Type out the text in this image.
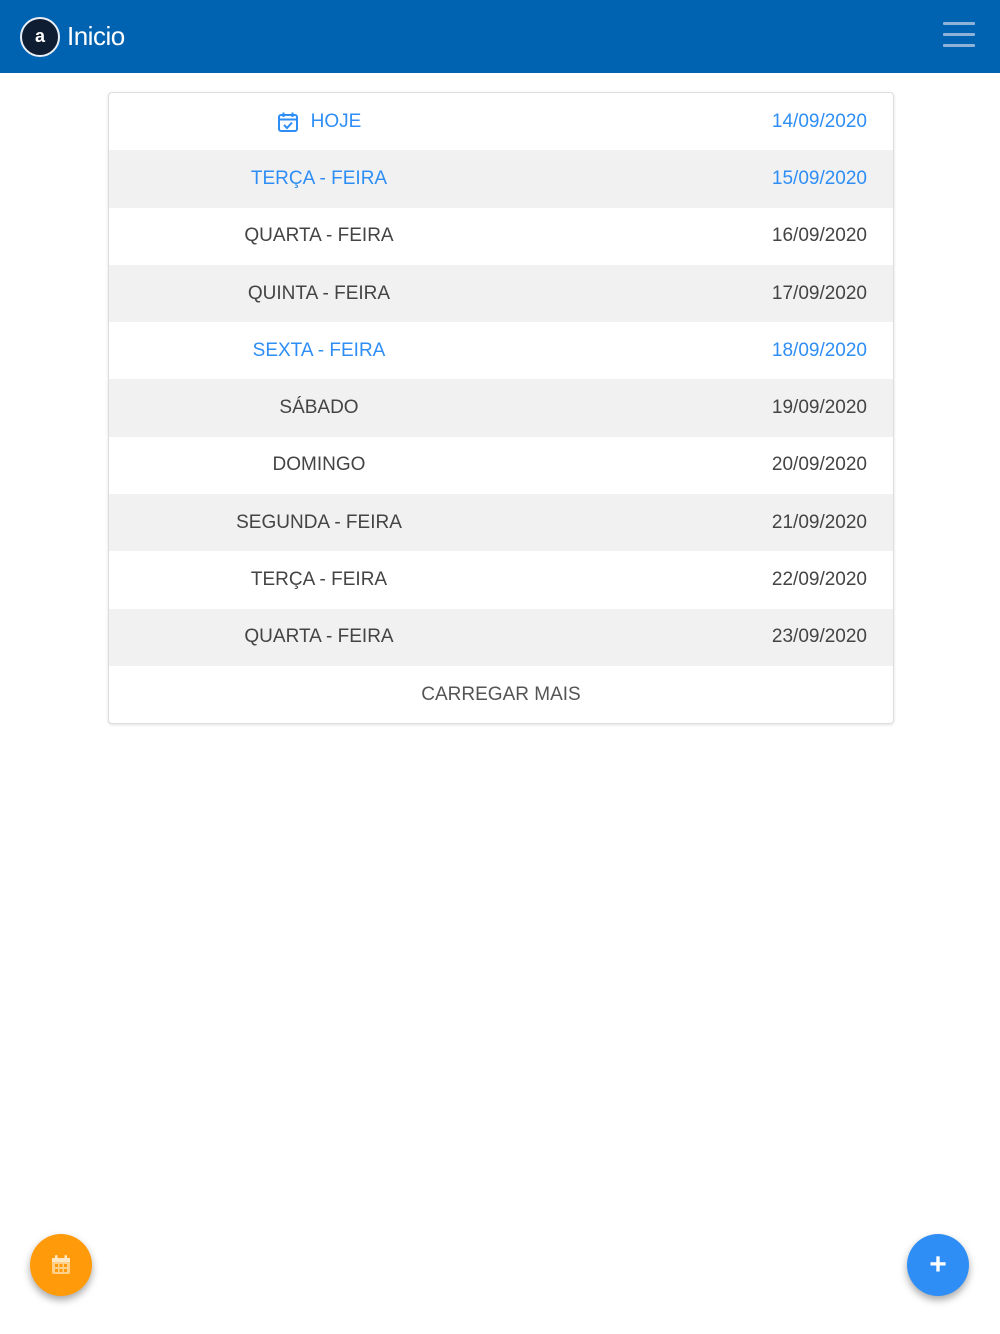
a Inicio
HOJE	14/09/2020
TERÇA - FEIRA	15/09/2020
QUARTA - FEIRA	16/09/2020
QUINTA - FEIRA	17/09/2020
SEXTA - FEIRA	18/09/2020
SÁBADO	19/09/2020
DOMINGO	20/09/2020
SEGUNDA - FEIRA	21/09/2020
TERÇA - FEIRA	22/09/2020
QUARTA - FEIRA	23/09/2020
CARREGAR MAIS
+
